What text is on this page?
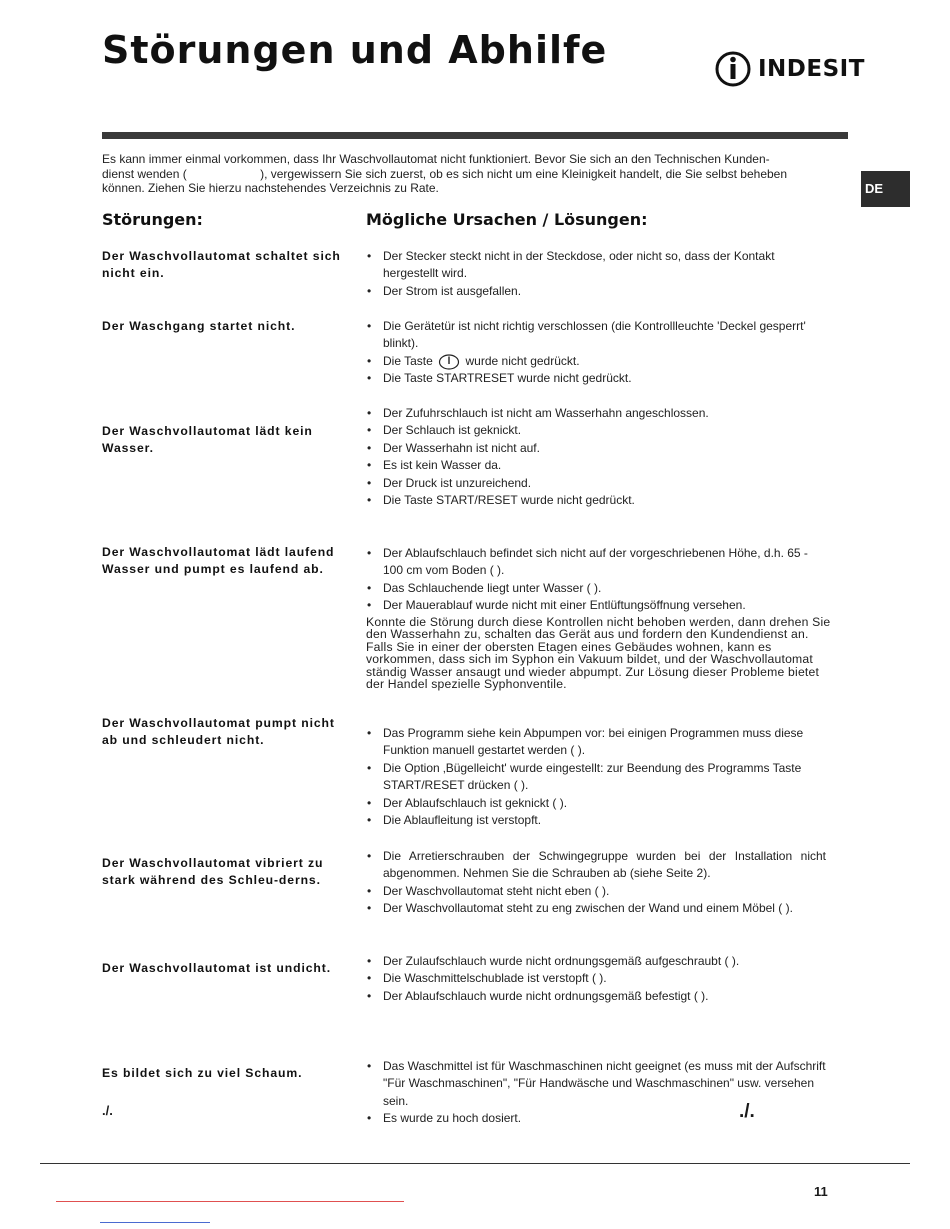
Störungen und Abhilfe	INDESIT
Es kann immer einmal vorkommen, dass Ihr Waschvollautomat nicht funktioniert. Bevor Sie sich an den Technischen Kunden-
dienst wenden (                      ), vergewissern Sie sich zuerst, ob es sich nicht um eine Kleinigkeit handelt, die Sie selbst beheben
können. Ziehen Sie hierzu nachstehendes Verzeichnis zu Rate.	DE
Störungen:	Mögliche Ursachen / Lösungen:
Der Waschvollautomat schaltet sich nicht ein.
• Der Stecker steckt nicht in der Steckdose, oder nicht so, dass der Kontakt hergestellt wird.
• Der Strom ist ausgefallen.
Der Waschgang startet nicht.	• Die Gerätetür ist nicht richtig verschlossen (die Kontrollleuchte 'Deckel gesperrt' blinkt).
• Die Taste	wurde nicht gedrückt.
• Die Taste STARTRESET wurde nicht gedrückt.
Der Waschvollautomat lädt kein Wasser.
• Der Zufuhrschlauch ist nicht am Wasserhahn angeschlossen.
• Der Schlauch ist geknickt.
• Der Wasserhahn ist nicht auf.
• Es ist kein Wasser da.
• Der Druck ist unzureichend.
• Die Taste START/RESET wurde nicht gedrückt.
Der Waschvollautomat lädt laufend Wasser und pumpt es laufend ab.
• Der Ablaufschlauch befindet sich nicht auf der vorgeschriebenen Höhe, d.h. 65 - 100 cm vom Boden ( ).
• Das Schlauchende liegt unter Wasser ( ).
• Der Mauerablauf wurde nicht mit einer Entlüftungsöffnung versehen.
Konnte die Störung durch diese Kontrollen nicht behoben werden, dann drehen Sie den Wasserhahn zu, schalten das Gerät aus und fordern den Kundendienst an. Falls Sie in einer der obersten Etagen eines Gebäudes wohnen, kann es vorkommen, dass sich im Syphon ein Vakuum bildet, und der Waschvollautomat ständig Wasser ansaugt und wieder abpumpt. Zur Lösung dieser Probleme bietet der Handel spezielle Syphonventile.
Der Waschvollautomat pumpt nicht ab und schleudert nicht.	• Das Programm siehe kein Abpumpen vor: bei einigen Programmen muss diese Funktion manuell gestartet werden ( ).
• Die Option ‚Bügelleicht' wurde eingestellt: zur Beendung des Programms Taste START/RESET drücken ( ).
• Der Ablaufschlauch ist geknickt ( ).
• Die Ablaufleitung ist verstopft.
Der Waschvollautomat vibriert zu stark während des Schleu-derns.
• Die Arretierschrauben der Schwingegruppe wurden bei der Installation nicht abgenommen. Nehmen Sie die Schrauben ab (siehe Seite 2).
• Der Waschvollautomat steht nicht eben ( ).
• Der Waschvollautomat steht zu eng zwischen der Wand und einem Möbel ( ).
Der Waschvollautomat ist undicht.	• Der Zulaufschlauch wurde nicht ordnungsgemäß aufgeschraubt ( ).
• Die Waschmittelschublade ist verstopft ( ).
• Der Ablaufschlauch wurde nicht ordnungsgemäß befestigt ( ).
Es bildet sich zu viel Schaum.	• Das Waschmittel ist für Waschmaschinen nicht geeignet (es muss mit der Aufschrift "Für Waschmaschinen", "Für Handwäsche und Waschmaschinen" usw. versehen sein.
• Es wurde zu hoch dosiert.
./.	./.
11
